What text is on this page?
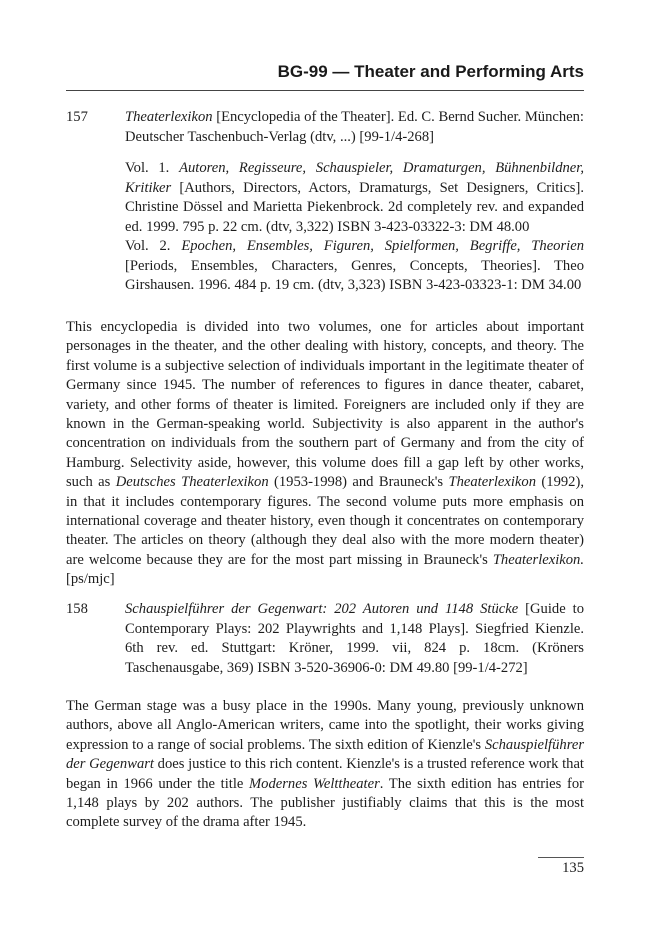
BG-99 — Theater and Performing Arts
157	Theaterlexikon [Encyclopedia of the Theater]. Ed. C. Bernd Sucher. München: Deutscher Taschenbuch-Verlag (dtv, ...) [99-1/4-268]

Vol. 1. Autoren, Regisseure, Schauspieler, Dramaturgen, Bühnenbildner, Kritiker [Authors, Directors, Actors, Dramaturgs, Set Designers, Critics]. Christine Dössel and Marietta Piekenbrock. 2d completely rev. and expanded ed. 1999. 795 p. 22 cm. (dtv, 3,322) ISBN 3-423-03322-3: DM 48.00

Vol. 2. Epochen, Ensembles, Figuren, Spielformen, Begriffe, Theorien [Periods, Ensembles, Characters, Genres, Concepts, Theories]. Theo Girshausen. 1996. 484 p. 19 cm. (dtv, 3,323) ISBN 3-423-03323-1: DM 34.00

This encyclopedia is divided into two volumes, one for articles about important personages in the theater, and the other dealing with history, concepts, and theory. The first volume is a subjective selection of individuals important in the legitimate theater of Germany since 1945. The number of references to figures in dance theater, cabaret, variety, and other forms of theater is limited. Foreigners are included only if they are known in the German-speaking world. Subjectivity is also apparent in the author's concentration on individuals from the southern part of Germany and from the city of Hamburg. Selectivity aside, however, this volume does fill a gap left by other works, such as Deutsches Theaterlexikon (1953-1998) and Brauneck's Theaterlexikon (1992), in that it includes contemporary figures. The second volume puts more emphasis on international coverage and theater history, even though it concentrates on contemporary theater. The articles on theory (although they deal also with the more modern theater) are welcome because they are for the most part missing in Brauneck's Theaterlexikon. [ps/mjc]

158	Schauspielführer der Gegenwart: 202 Autoren und 1148 Stücke [Guide to Contemporary Plays: 202 Playwrights and 1,148 Plays]. Siegfried Kienzle. 6th rev. ed. Stuttgart: Kröner, 1999. vii, 824 p. 18cm. (Kröners Taschenausgabe, 369) ISBN 3-520-36906-0: DM 49.80 [99-1/4-272]

The German stage was a busy place in the 1990s. Many young, previously unknown authors, above all Anglo-American writers, came into the spotlight, their works giving expression to a range of social problems. The sixth edition of Kienzle's Schauspielführer der Gegenwart does justice to this rich content. Kienzle's is a trusted reference work that began in 1966 under the title Modernes Welttheater. The sixth edition has entries for 1,148 plays by 202 authors. The publisher justifiably claims that this is the most complete survey of the drama after 1945.

135
